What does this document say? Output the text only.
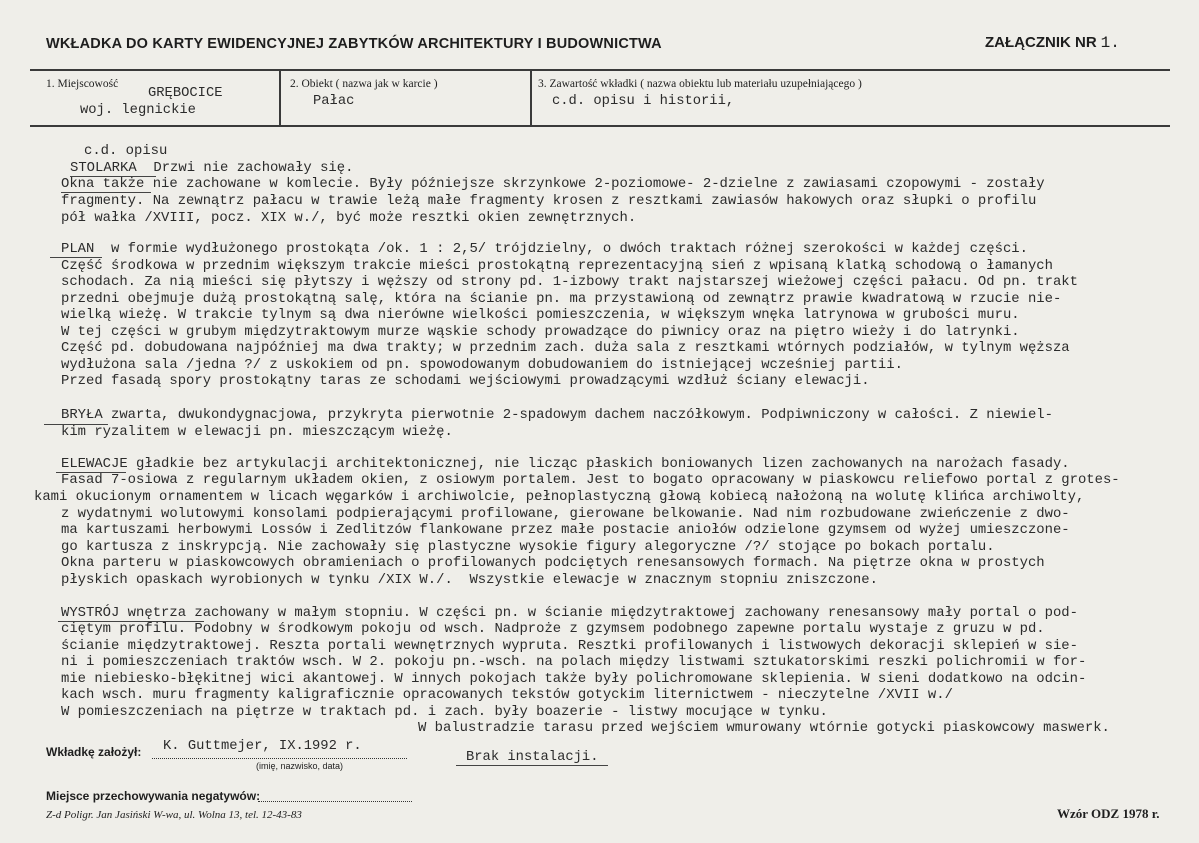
WKŁADKA DO KARTY EWIDENCYJNEJ ZABYTKÓW ARCHITEKTURY I BUDOWNICTWA	ZAŁĄCZNIK NR 1.
1. Miejscowość
GRĘBOCICE
woj. legnickie
2. Obiekt ( nazwa jak w karcie )
Pałac
3. Zawartość wkładki ( nazwa obiektu lub materiału uzupełniającego )
c.d. opisu i historii,
c.d. opisu
STOLARKA  Drzwi nie zachowały się.
Okna także nie zachowane w komlecie. Były późniejsze skrzynkowe 2-poziomowe- 2-dzielne z zawiasami czopowymi - zostały
fragmenty. Na zewnątrz pałacu w trawie leżą małe fragmenty krosen z resztkami zawiasów hakowych oraz słupki o profilu
pół wałka /XVIII, pocz. XIX w./, być może resztki okien zewnętrznych.
PLAN  w formie wydłużonego prostokąta /ok. 1 : 2,5/ trójdzielny, o dwóch traktach różnej szerokości w każdej części.
Część środkowa w przednim większym trakcie mieści prostokątną reprezentacyjną sień z wpisaną klatką schodową o łamanych
schodach. Za nią mieści się płytszy i węższy od strony pd. 1-izbowy trakt najstarszej wieżowej części pałacu. Od pn. trakt
przedni obejmuje dużą prostokątną salę, która na ścianie pn. ma przystawioną od zewnątrz prawie kwadratową w rzucie nie-
wielką wieżę. W trakcie tylnym są dwa nierówne wielkości pomieszczenia, w większym wnęka latrynowa w grubości muru.
W tej części w grubym międzytraktowym murze wąskie schody prowadzące do piwnicy oraz na piętro wieży i do latrynki.
Część pd. dobudowana najpóźniej ma dwa trakty; w przednim zach. duża sala z resztkami wtórnych podziałów, w tylnym węższa
wydłużona sala /jedna ?/ z uskokiem od pn. spowodowanym dobudowaniem do istniejącej wcześniej partii.
Przed fasadą spory prostokątny taras ze schodami wejściowymi prowadzącymi wzdłuż ściany elewacji.
BRYŁA zwarta, dwukondygnacjowa, przykryta pierwotnie 2-spadowym dachem naczółkowym. Podpiwniczony w całości. Z niewiel-
kim ryzalitem w elewacji pn. mieszczącym wieżę.
ELEWACJE gładkie bez artykulacji architektonicznej, nie licząc płaskich boniowanych lizen zachowanych na narożach fasady.
Fasad 7-osiowa z regularnym układem okien, z osiowym portalem. Jest to bogato opracowany w piaskowcu reliefowo portal z grotes-
kami okucionym ornamentem w licach węgarków i archiwolcie, pełnoplastyczną głową kobiecą nałożoną na wolutę klińca archiwolty,
z wydatnymi wolutowymi konsolami podpierającymi profilowane, gierowane belkowanie. Nad nim rozbudowane zwieńczenie z dwo-
ma kartuszami herbowymi Lossów i Zedlitzów flankowane przez małe postacie aniołów odzielone gzymsem od wyżej umieszczone-
go kartusza z inskrypcją. Nie zachowały się plastyczne wysokie figury alegoryczne /?/ stojące po bokach portalu.
Okna parteru w piaskowcowych obramieniach o profilowanych podciętych renesansowych formach. Na piętrze okna w prostych
płyskich opaskach wyrobionych w tynku /XIX W./.  Wszystkie elewacje w znacznym stopniu zniszczone.
WYSTRÓJ wnętrza zachowany w małym stopniu. W części pn. w ścianie międzytraktowej zachowany renesansowy mały portal o pod-
ciętym profilu. Podobny w środkowym pokoju od wsch. Nadproże z gzymsem podobnego zapewne portalu wystaje z gruzu w pd.
ścianie międzytraktowej. Reszta portali wewnętrznych wypruta. Resztki profilowanych i listwowych dekoracji sklepień w sie-
ni i pomieszczeniach traktów wsch. W 2. pokoju pn.-wsch. na polach między listwami sztukatorskimi reszki polichromii w for-
mie niebiesko-błękitnej wici akantowej. W innych pokojach także były polichromowane sklepienia. W sieni dodatkowo na odcin-
kach wsch. muru fragmenty kaligraficznie opracowanych tekstów gotyckim liternictwem - nieczytelne /XVII w./
W pomieszczeniach na piętrze w traktach pd. i zach. były boazerie - listwy mocujące w tynku.
W balustradzie tarasu przed wejściem wmurowany wtórnie gotycki piaskowcowy maswerk.
Wkładkę założył: K. Guttmejer, IX.1992 r.
(imię, nazwisko, data)
Brak instalacji.
Miejsce przechowywania negatywów:
Z-d Poligr. Jan Jasiński W-wa, ul. Wolna 13, tel. 12-43-83	Wzór ODZ 1978 r.
